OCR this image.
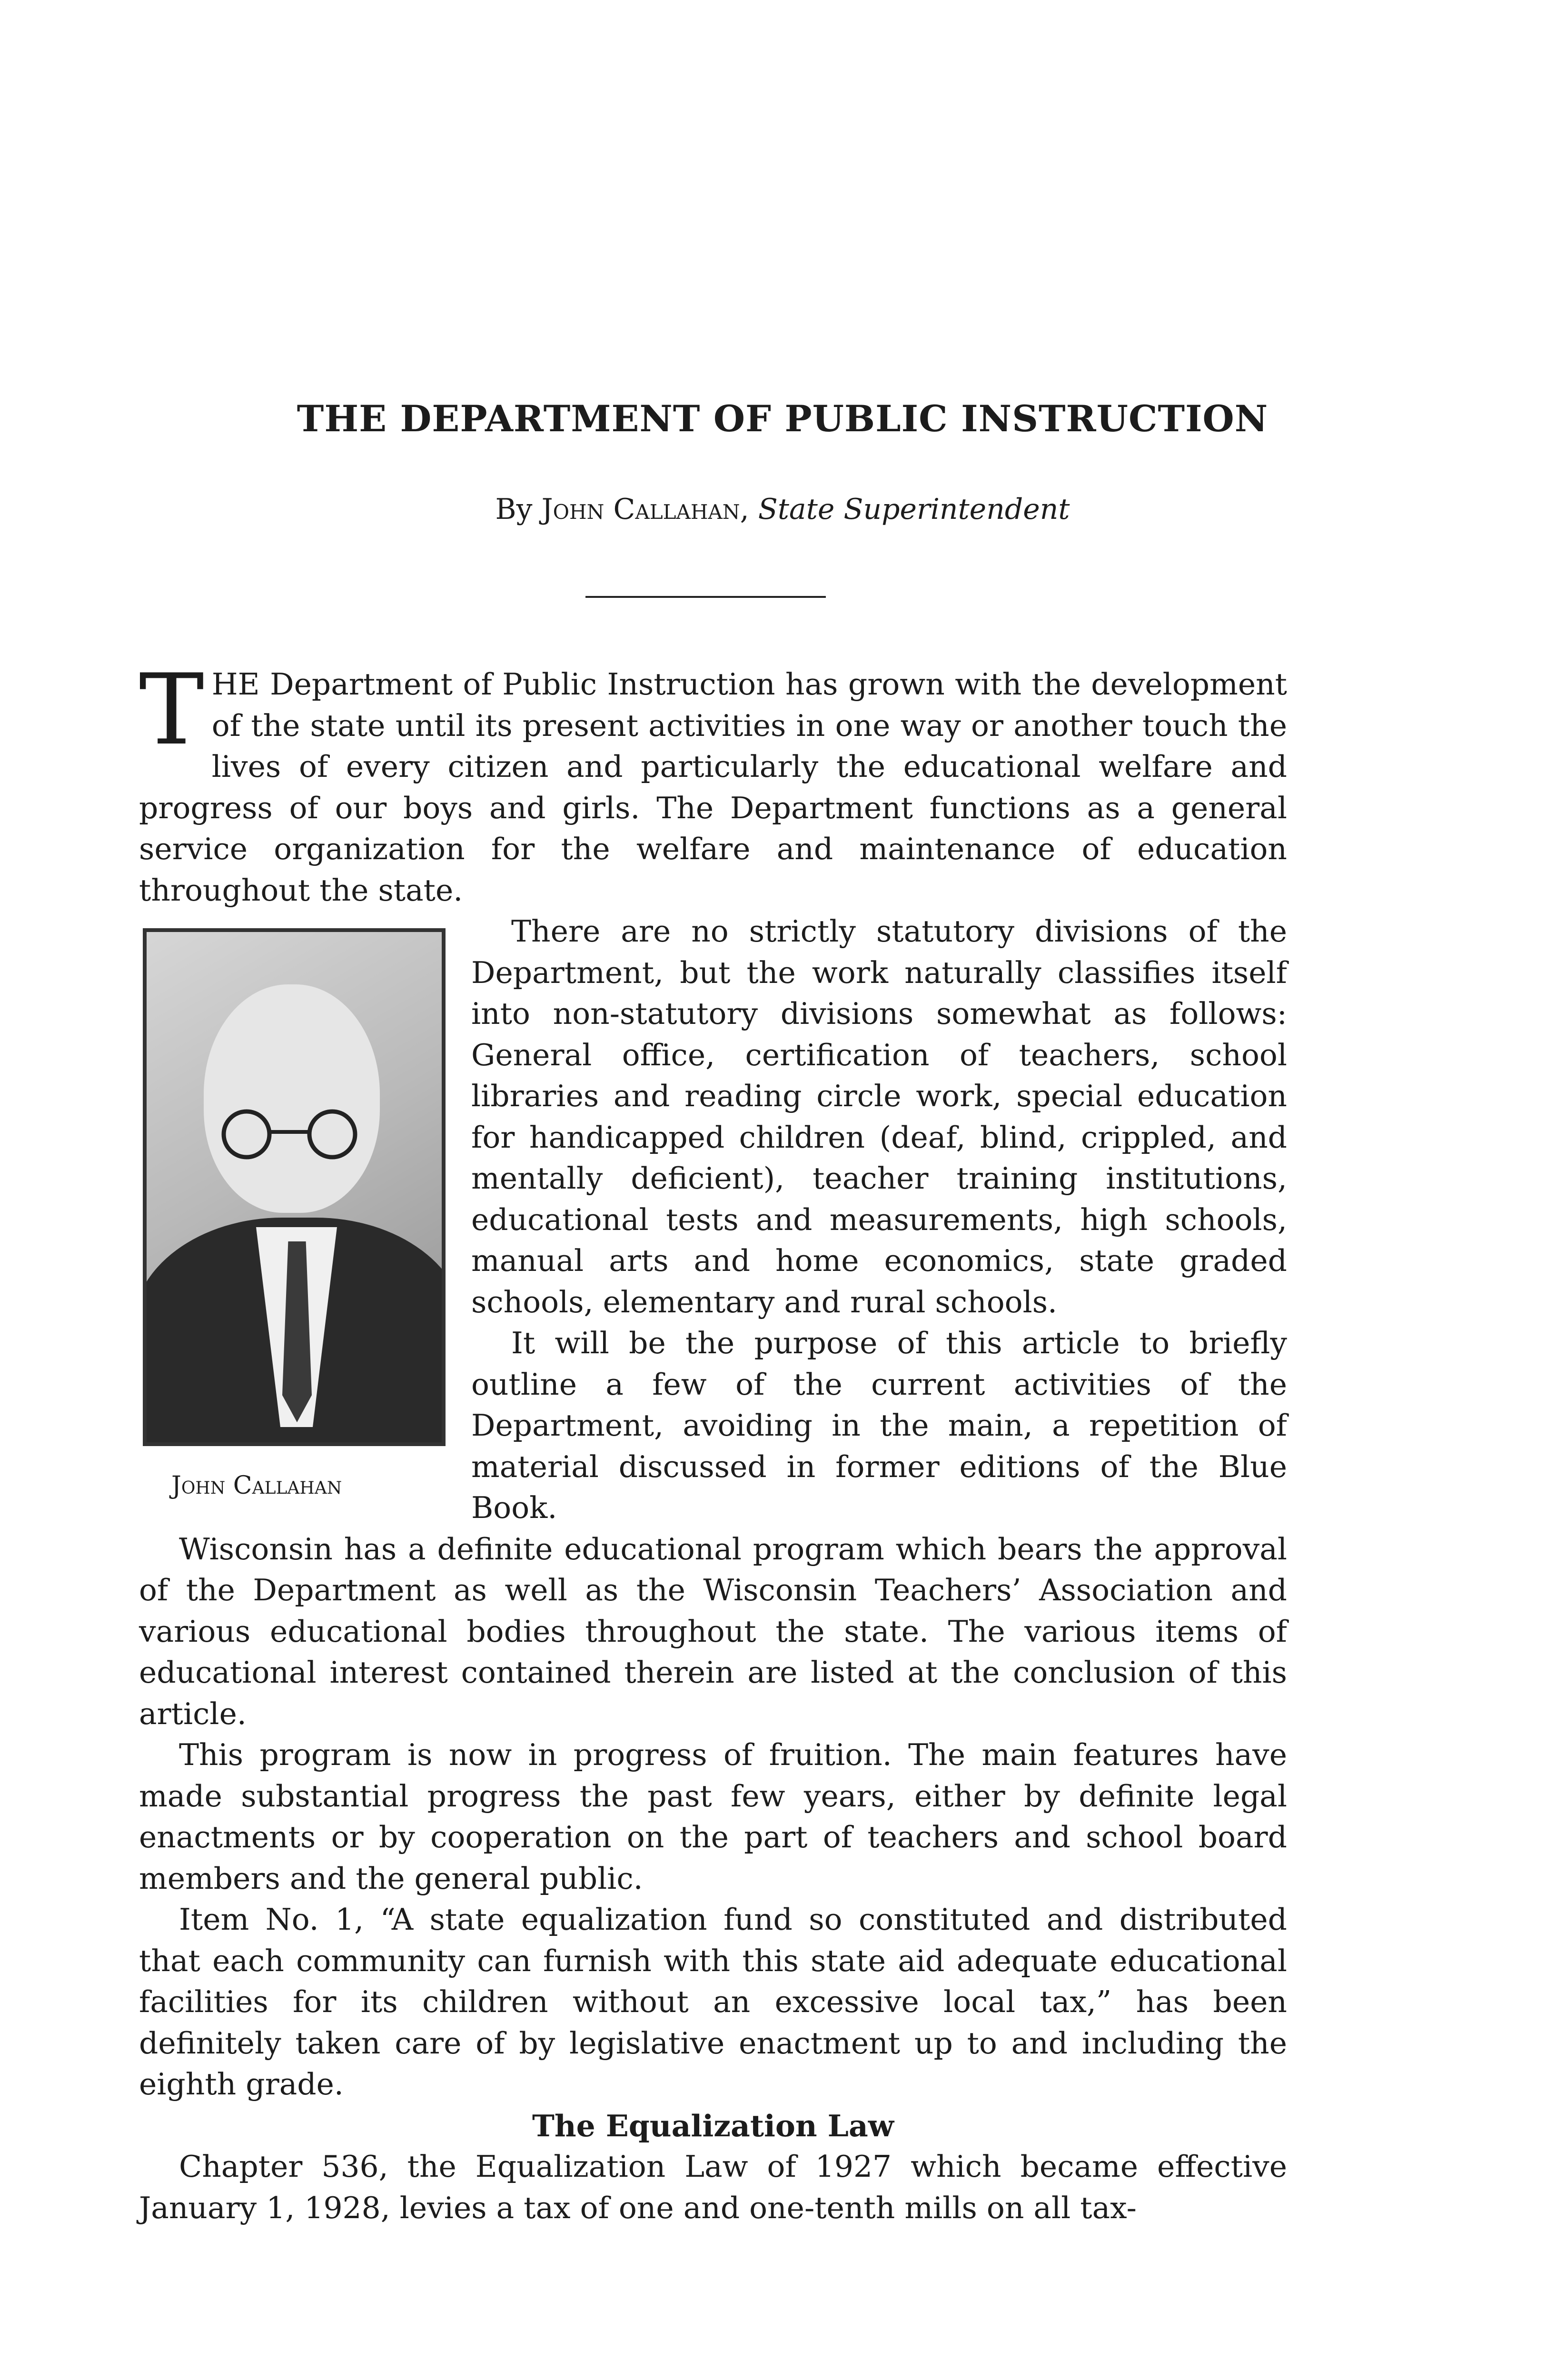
THE DEPARTMENT OF PUBLIC INSTRUCTION
By John Callahan, State Superintendent

THE Department of Public Instruction has grown with the development of the state until its present activities in one way or another touch the lives of every citizen and particularly the educational welfare and progress of our boys and girls. The Department functions as a general service organization for the welfare and maintenance of education throughout the state.

John Callahan

There are no strictly statutory divisions of the Department, but the work naturally classifies itself into non-statutory divisions somewhat as follows: General office, certification of teachers, school libraries and reading circle work, special education for handicapped children (deaf, blind, crippled, and mentally deficient), teacher training institutions, educational tests and measurements, high schools, manual arts and home economics, state graded schools, elementary and rural schools.

It will be the purpose of this article to briefly outline a few of the current activities of the Department, avoiding in the main, a repetition of material discussed in former editions of the Blue Book.

Wisconsin has a definite educational program which bears the approval of the Department as well as the Wisconsin Teachers’ Association and various educational bodies throughout the state. The various items of educational interest contained therein are listed at the conclusion of this article.

This program is now in progress of fruition. The main features have made substantial progress the past few years, either by definite legal enactments or by cooperation on the part of teachers and school board members and the general public.

Item No. 1, “A state equalization fund so constituted and distributed that each community can furnish with this state aid adequate educational facilities for its children without an excessive local tax,” has been definitely taken care of by legislative enactment up to and including the eighth grade.

The Equalization Law

Chapter 536, the Equalization Law of 1927 which became effective January 1, 1928, levies a tax of one and one-tenth mills on all tax-
